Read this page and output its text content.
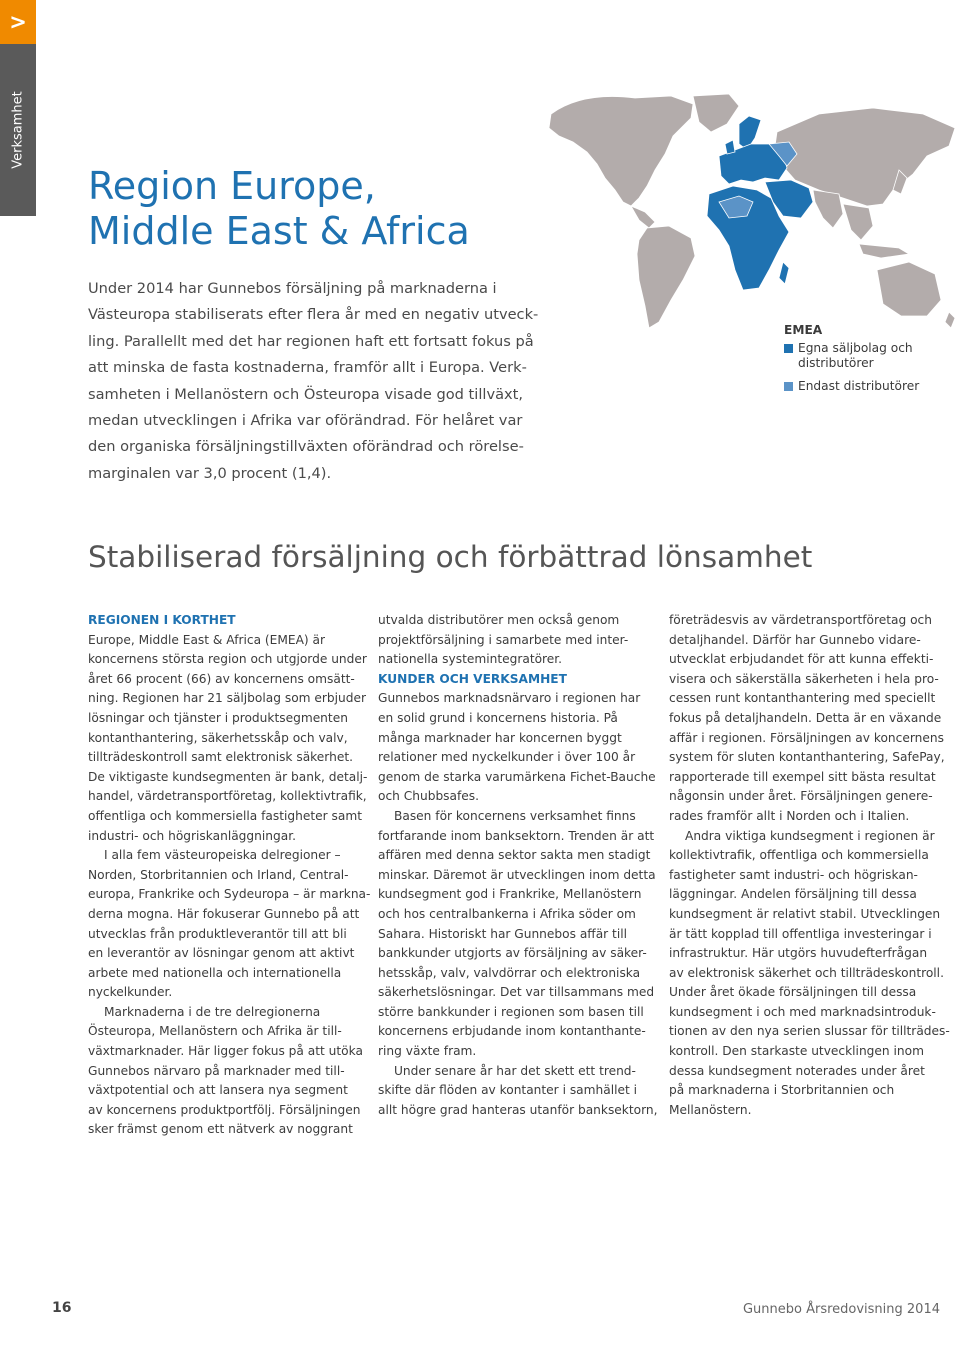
>
Verksamhet
Region Europe,
Middle East & Africa
Under 2014 har Gunnebos försäljning på marknaderna i
Västeuropa stabiliserats efter flera år med en negativ utveck-
ling. Parallellt med det har regionen haft ett fortsatt fokus på
att minska de fasta kostnaderna, framför allt i Europa. Verk-
samheten i Mellanöstern och Östeuropa visade god tillväxt,
medan utvecklingen i Afrika var oförändrad. För helåret var
den organiska försäljningstillväxten oförändrad och rörelse-
marginalen var 3,0 procent (1,4).
EMEA
Egna säljbolag och
distributörer
Endast distributörer
Stabiliserad försäljning och förbättrad lönsamhet
REGIONEN I KORTHET

Europe, Middle East & Africa (EMEA) är

koncernens största region och utgjorde under

året 66 procent (66) av koncernens omsätt-

ning. Regionen har 21 säljbolag som erbjuder

lösningar och tjänster i produktsegmenten

kontanthantering, säkerhetsskåp och valv,

tillträdeskontroll samt elektronisk säkerhet.

De viktigaste kundsegmenten är bank, detalj-

handel, värdetransportföretag, kollektivtrafik,

offentliga och kommersiella fastigheter samt

industri- och högriskanläggningar.

I alla fem västeuropeiska delregioner –

Norden, Storbritannien och Irland, Central-

europa, Frankrike och Sydeuropa – är markna-

derna mogna. Här fokuserar Gunnebo på att

utvecklas från produktleverantör till att bli

en leverantör av lösningar genom att aktivt

arbete med nationella och internationella

nyckelkunder.

Marknaderna i de tre delregionerna

Östeuropa, Mellanöstern och Afrika är till-

växtmarknader. Här ligger fokus på att utöka

Gunnebos närvaro på marknader med till-

växtpotential och att lansera nya segment

av koncernens produktportfölj. Försäljningen

sker främst genom ett nätverk av noggrant

utvalda distributörer men också genom

projektförsäljning i samarbete med inter-

nationella systemintegratörer.

KUNDER OCH VERKSAMHET

Gunnebos marknadsnärvaro i regionen har

en solid grund i koncernens historia. På

många marknader har koncernen byggt

relationer med nyckelkunder i över 100 år

genom de starka varumärkena Fichet-Bauche

och Chubbsafes.

Basen för koncernens verksamhet finns

fortfarande inom banksektorn. Trenden är att

affären med denna sektor sakta men stadigt

minskar. Däremot är utvecklingen inom detta

kundsegment god i Frankrike, Mellanöstern

och hos centralbankerna i Afrika söder om

Sahara. Historiskt har Gunnebos affär till

bankkunder utgjorts av försäljning av säker-

hetsskåp, valv, valvdörrar och elektroniska

säkerhetslösningar. Det var tillsammans med

större bankkunder i regionen som basen till

koncernens erbjudande inom kontanthante-

ring växte fram.

Under senare år har det skett ett trend-

skifte där flöden av kontanter i samhället i

allt högre grad hanteras utanför banksektorn,

företrädesvis av värdetransportföretag och

detaljhandel. Därför har Gunnebo vidare-

utvecklat erbjudandet för att kunna effekti-

visera och säkerställa säkerheten i hela pro-

cessen runt kontanthantering med speciellt

fokus på detaljhandeln. Detta är en växande

affär i regionen. Försäljningen av koncernens

system för sluten kontanthantering, SafePay,

rapporterade till exempel sitt bästa resultat

någonsin under året. Försäljningen genere-

rades framför allt i Norden och i Italien.

Andra viktiga kundsegment i regionen är

kollektivtrafik, offentliga och kommersiella

fastigheter samt industri- och högriskan-

läggningar. Andelen försäljning till dessa

kundsegment är relativt stabil. Utvecklingen

är tätt kopplad till offentliga investeringar i

infrastruktur. Här utgörs huvudefterfrågan

av elektronisk säkerhet och tillträdeskontroll.

Under året ökade försäljningen till dessa

kundsegment i och med marknadsintroduk-

tionen av den nya serien slussar för tillträdes-

kontroll. Den starkaste utvecklingen inom

dessa kundsegment noterades under året

på marknaderna i Storbritannien och

Mellanöstern.

16	Gunnebo Årsredovisning 2014
